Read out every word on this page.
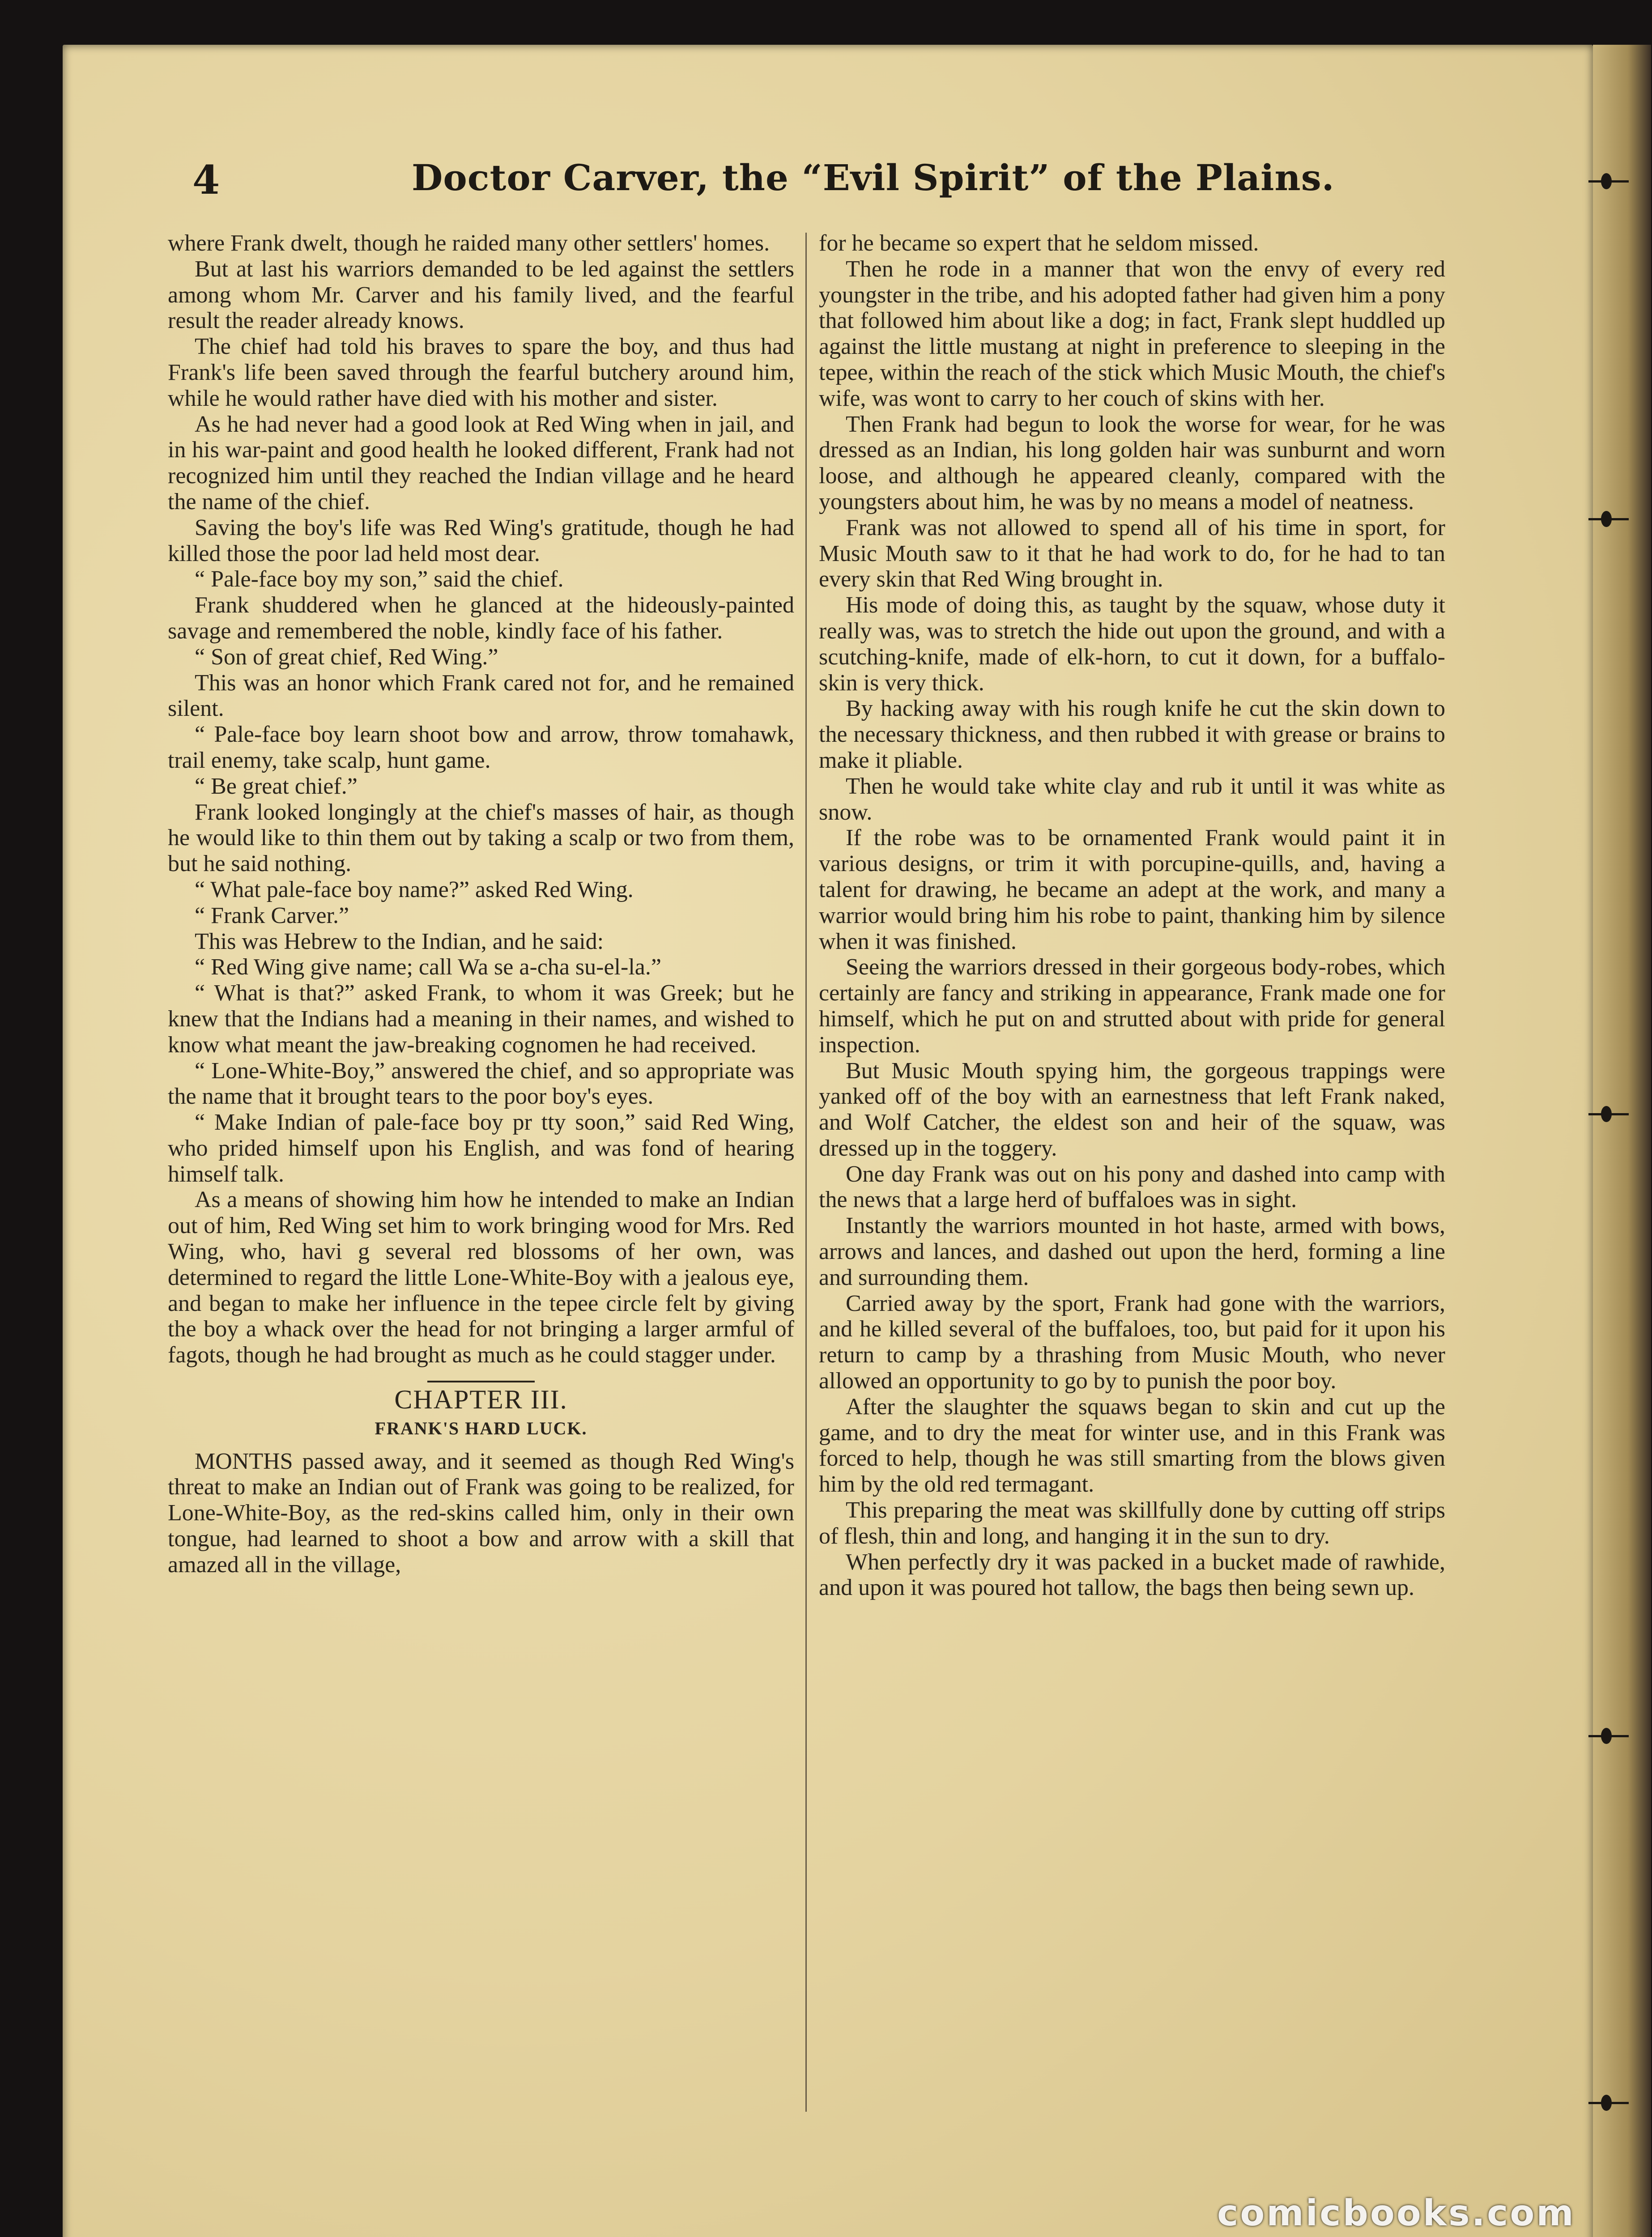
4	Doctor Carver, the “Evil Spirit” of the Plains.

where Frank dwelt, though he raided many other settlers' homes.

But at last his warriors demanded to be led against the settlers among whom Mr. Carver and his family lived, and the fearful result the reader already knows.

The chief had told his braves to spare the boy, and thus had Frank's life been saved through the fearful butchery around him, while he would rather have died with his mother and sister.

As he had never had a good look at Red Wing when in jail, and in his war-paint and good health he looked different, Frank had not recognized him until they reached the Indian village and he heard the name of the chief.

Saving the boy's life was Red Wing's gratitude, though he had killed those the poor lad held most dear.

“ Pale-face boy my son,” said the chief.

Frank shuddered when he glanced at the hideously-painted savage and remembered the noble, kindly face of his father.

“ Son of great chief, Red Wing.”

This was an honor which Frank cared not for, and he remained silent.

“ Pale-face boy learn shoot bow and arrow, throw tomahawk, trail enemy, take scalp, hunt game.

“ Be great chief.”

Frank looked longingly at the chief's masses of hair, as though he would like to thin them out by taking a scalp or two from them, but he said nothing.

“ What pale-face boy name?” asked Red Wing.

“ Frank Carver.”

This was Hebrew to the Indian, and he said:

“ Red Wing give name; call Wa se a-cha su-el-la.”

“ What is that?” asked Frank, to whom it was Greek; but he knew that the Indians had a meaning in their names, and wished to know what meant the jaw-breaking cognomen he had received.

“ Lone-White-Boy,” answered the chief, and so appropriate was the name that it brought tears to the poor boy's eyes.

“ Make Indian of pale-face boy pr tty soon,” said Red Wing, who prided himself upon his English, and was fond of hearing himself talk.

As a means of showing him how he intended to make an Indian out of him, Red Wing set him to work bringing wood for Mrs. Red Wing, who, havi g several red blossoms of her own, was determined to regard the little Lone-White-Boy with a jealous eye, and began to make her influence in the tepee circle felt by giving the boy a whack over the head for not bringing a larger armful of fagots, though he had brought as much as he could stagger under.

CHAPTER III.
FRANK'S HARD LUCK.

MONTHS passed away, and it seemed as though Red Wing's threat to make an Indian out of Frank was going to be realized, for Lone-White-Boy, as the red-skins called him, only in their own tongue, had learned to shoot a bow and arrow with a skill that amazed all in the village,

for he became so expert that he seldom missed.

Then he rode in a manner that won the envy of every red youngster in the tribe, and his adopted father had given him a pony that followed him about like a dog; in fact, Frank slept huddled up against the little mustang at night in preference to sleeping in the tepee, within the reach of the stick which Music Mouth, the chief's wife, was wont to carry to her couch of skins with her.

Then Frank had begun to look the worse for wear, for he was dressed as an Indian, his long golden hair was sunburnt and worn loose, and although he appeared cleanly, compared with the youngsters about him, he was by no means a model of neatness.

Frank was not allowed to spend all of his time in sport, for Music Mouth saw to it that he had work to do, for he had to tan every skin that Red Wing brought in.

His mode of doing this, as taught by the squaw, whose duty it really was, was to stretch the hide out upon the ground, and with a scutching-knife, made of elk-horn, to cut it down, for a buffalo-skin is very thick.

By hacking away with his rough knife he cut the skin down to the necessary thickness, and then rubbed it with grease or brains to make it pliable.

Then he would take white clay and rub it until it was white as snow.

If the robe was to be ornamented Frank would paint it in various designs, or trim it with porcupine-quills, and, having a talent for drawing, he became an adept at the work, and many a warrior would bring him his robe to paint, thanking him by silence when it was finished.

Seeing the warriors dressed in their gorgeous body-robes, which certainly are fancy and striking in appearance, Frank made one for himself, which he put on and strutted about with pride for general inspection.

But Music Mouth spying him, the gorgeous trappings were yanked off of the boy with an earnestness that left Frank naked, and Wolf Catcher, the eldest son and heir of the squaw, was dressed up in the toggery.

One day Frank was out on his pony and dashed into camp with the news that a large herd of buffaloes was in sight.

Instantly the warriors mounted in hot haste, armed with bows, arrows and lances, and dashed out upon the herd, forming a line and surrounding them.

Carried away by the sport, Frank had gone with the warriors, and he killed several of the buffaloes, too, but paid for it upon his return to camp by a thrashing from Music Mouth, who never allowed an opportunity to go by to punish the poor boy.

After the slaughter the squaws began to skin and cut up the game, and to dry the meat for winter use, and in this Frank was forced to help, though he was still smarting from the blows given him by the old red termagant.

This preparing the meat was skillfully done by cutting off strips of flesh, thin and long, and hanging it in the sun to dry.

When perfectly dry it was packed in a bucket made of rawhide, and upon it was poured hot tallow, the bags then being sewn up.

comicbooks.com
